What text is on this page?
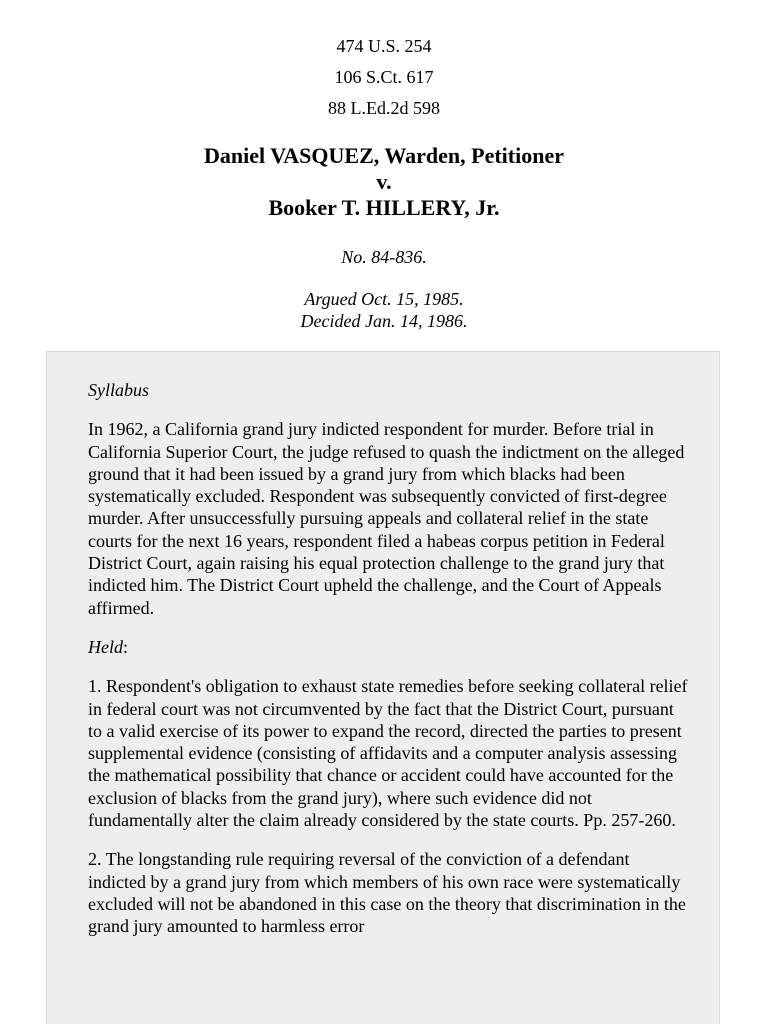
474 U.S. 254
106 S.Ct. 617
88 L.Ed.2d 598
Daniel VASQUEZ, Warden, Petitioner
v.
Booker T. HILLERY, Jr.
No. 84-836.
Argued Oct. 15, 1985.
Decided Jan. 14, 1986.

Syllabus

In 1962, a California grand jury indicted respondent for murder. Before trial in California Superior Court, the judge refused to quash the indictment on the alleged ground that it had been issued by a grand jury from which blacks had been systematically excluded. Respondent was subsequently convicted of first-degree murder. After unsuccessfully pursuing appeals and collateral relief in the state courts for the next 16 years, respondent filed a habeas corpus petition in Federal District Court, again raising his equal protection challenge to the grand jury that indicted him. The District Court upheld the challenge, and the Court of Appeals affirmed.

Held:

1. Respondent's obligation to exhaust state remedies before seeking collateral relief in federal court was not circumvented by the fact that the District Court, pursuant to a valid exercise of its power to expand the record, directed the parties to present supplemental evidence (consisting of affidavits and a computer analysis assessing the mathematical possibility that chance or accident could have accounted for the exclusion of blacks from the grand jury), where such evidence did not fundamentally alter the claim already considered by the state courts. Pp. 257-260.

2. The longstanding rule requiring reversal of the conviction of a defendant indicted by a grand jury from which members of his own race were systematically excluded will not be abandoned in this case on the theory that discrimination in the grand jury amounted to harmless error
